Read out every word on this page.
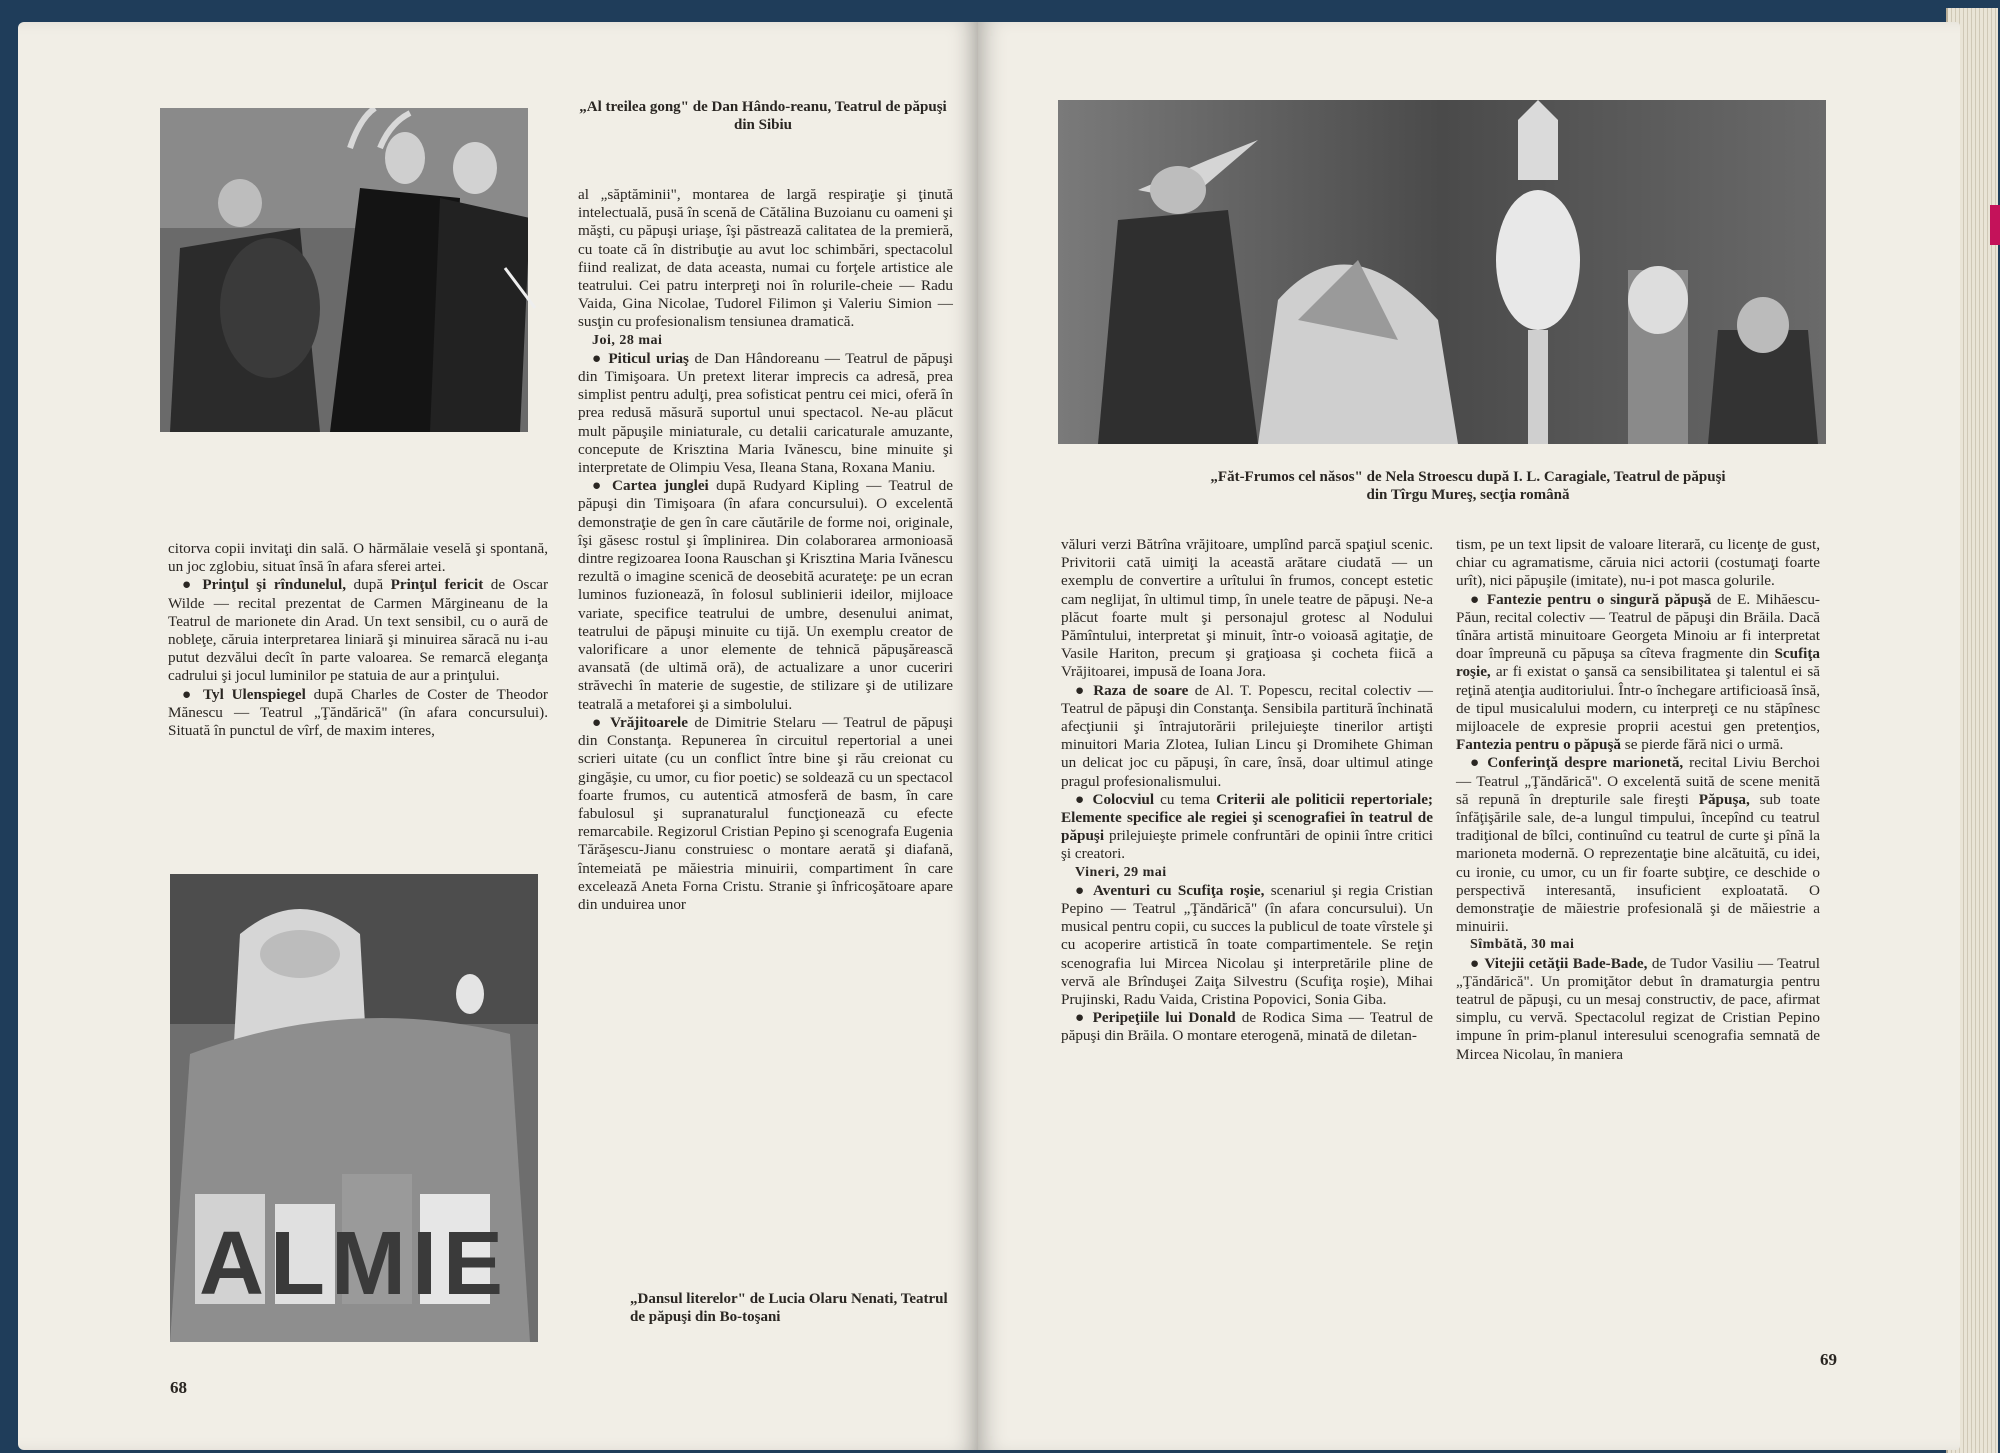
„Al treilea gong" de Dan Hândo-reanu, Teatrul de păpuşi din Sibiu

citorva copii invitaţi din sală. O hărmălaie veselă şi spontană, un joc zglobiu, situat însă în afara sferei artei.

● Prinţul şi rîndunelul, după Prinţul fericit de Oscar Wilde — recital prezentat de Carmen Mărgineanu de la Teatrul de marionete din Arad. Un text sensibil, cu o aură de nobleţe, căruia interpretarea liniară şi minuirea săracă nu i-au putut dezvălui decît în parte valoarea. Se remarcă eleganţa cadrului şi jocul luminilor pe statuia de aur a prinţului.

● Tyl Ulenspiegel după Charles de Coster de Theodor Mănescu — Teatrul „Ţăndărică" (în afara concursului). Situată în punctul de vîrf, de maxim interes,

ALMIE

al „săptăminii", montarea de largă respiraţie şi ţinută intelectuală, pusă în scenă de Cătălina Buzoianu cu oameni şi măşti, cu păpuşi uriaşe, îşi păstrează calitatea de la premieră, cu toate că în distribuţie au avut loc schimbări, spectacolul fiind realizat, de data aceasta, numai cu forţele artistice ale teatrului. Cei patru interpreţi noi în rolurile-cheie — Radu Vaida, Gina Nicolae, Tudorel Filimon şi Valeriu Simion — susţin cu profesionalism tensiunea dramatică.

Joi, 28 mai

● Piticul uriaş de Dan Hândoreanu — Teatrul de păpuşi din Timişoara. Un pretext literar imprecis ca adresă, prea simplist pentru adulţi, prea sofisticat pentru cei mici, oferă în prea redusă măsură suportul unui spectacol. Ne-au plăcut mult păpuşile miniaturale, cu detalii caricaturale amuzante, concepute de Krisztina Maria Ivănescu, bine minuite şi interpretate de Olimpiu Vesa, Ileana Stana, Roxana Maniu.

● Cartea junglei după Rudyard Kipling — Teatrul de păpuşi din Timişoara (în afara concursului). O excelentă demonstraţie de gen în care căutările de forme noi, originale, îşi găsesc rostul şi împlinirea. Din colaborarea armonioasă dintre regizoarea Ioona Rauschan şi Krisztina Maria Ivănescu rezultă o imagine scenică de deosebită acurateţe: pe un ecran luminos fuzionează, în folosul sublinierii ideilor, mijloace variate, specifice teatrului de umbre, desenului animat, teatrului de păpuşi minuite cu tijă. Un exemplu creator de valorificare a unor elemente de tehnică păpuşărească avansată (de ultimă oră), de actualizare a unor cuceriri străvechi în materie de sugestie, de stilizare şi de utilizare teatrală a metaforei şi a simbolului.

● Vrăjitoarele de Dimitrie Stelaru — Teatrul de păpuşi din Constanţa. Repunerea în circuitul repertorial a unei scrieri uitate (cu un conflict între bine şi rău creionat cu gingăşie, cu umor, cu fior poetic) se soldează cu un spectacol foarte frumos, cu autentică atmosferă de basm, în care fabulosul şi supranaturalul funcţionează cu efecte remarcabile. Regizorul Cristian Pepino şi scenografa Eugenia Tărăşescu-Jianu construiesc o montare aerată şi diafană, întemeiată pe măiestria minuirii, compartiment în care excelează Aneta Forna Cristu. Stranie şi înfricoşătoare apare din unduirea unor

„Dansul literelor" de Lucia Olaru Nenati, Teatrul de păpuşi din Bo-toşani
68
„Făt-Frumos cel năsos" de Nela Stroescu după I. L. Caragiale, Teatrul de păpuşi din Tîrgu Mureş, secţia română

văluri verzi Bătrîna vrăjitoare, umplînd parcă spaţiul scenic. Privitorii cată uimiţi la această arătare ciudată — un exemplu de convertire a urîtului în frumos, concept estetic cam neglijat, în ultimul timp, în unele teatre de păpuşi. Ne-a plăcut foarte mult şi personajul grotesc al Nodului Pămîntului, interpretat şi minuit, într-o voioasă agitaţie, de Vasile Hariton, precum şi graţioasa şi cocheta fiică a Vrăjitoarei, impusă de Ioana Jora.

● Raza de soare de Al. T. Popescu, recital colectiv — Teatrul de păpuşi din Constanţa. Sensibila partitură închinată afecţiunii şi întrajutorării prilejuieşte tinerilor artişti minuitori Maria Zlotea, Iulian Lincu şi Dromihete Ghiman un delicat joc cu păpuşi, în care, însă, doar ultimul atinge pragul profesionalismului.

● Colocviul cu tema Criterii ale politicii repertoriale; Elemente specifice ale regiei şi scenografiei în teatrul de păpuşi prilejuieşte primele confruntări de opinii între critici şi creatori.

Vineri, 29 mai

● Aventuri cu Scufiţa roşie, scenariul şi regia Cristian Pepino — Teatrul „Ţăndărică" (în afara concursului). Un musical pentru copii, cu succes la publicul de toate vîrstele şi cu acoperire artistică în toate compartimentele. Se reţin scenografia lui Mircea Nicolau şi interpretările pline de vervă ale Brînduşei Zaiţa Silvestru (Scufiţa roşie), Mihai Prujinski, Radu Vaida, Cristina Popovici, Sonia Giba.

● Peripeţiile lui Donald de Rodica Sima — Teatrul de păpuşi din Brăila. O montare eterogenă, minată de diletan-

tism, pe un text lipsit de valoare literară, cu licenţe de gust, chiar cu agramatisme, căruia nici actorii (costumaţi foarte urît), nici păpuşile (imitate), nu-i pot masca golurile.

● Fantezie pentru o singură păpuşă de E. Mihăescu-Păun, recital colectiv — Teatrul de păpuşi din Brăila. Dacă tînăra artistă minuitoare Georgeta Minoiu ar fi interpretat doar împreună cu păpuşa sa cîteva fragmente din Scufiţa roşie, ar fi existat o şansă ca sensibilitatea şi talentul ei să reţină atenţia auditoriului. Într-o închegare artificioasă însă, de tipul musicalului modern, cu interpreţi ce nu stăpînesc mijloacele de expresie proprii acestui gen pretenţios, Fantezia pentru o păpuşă se pierde fără nici o urmă.

● Conferinţă despre marionetă, recital Liviu Berchoi — Teatrul „Ţăndărică". O excelentă suită de scene menită să repună în drepturile sale fireşti Păpuşa, sub toate înfăţişările sale, de-a lungul timpului, începînd cu teatrul tradiţional de bîlci, continuînd cu teatrul de curte şi pînă la marioneta modernă. O reprezentaţie bine alcătuită, cu idei, cu ironie, cu umor, cu un fir foarte subţire, ce deschide o perspectivă interesantă, insuficient exploatată. O demonstraţie de măiestrie profesională şi de măiestrie a minuirii.

Sîmbătă, 30 mai

● Vitejii cetăţii Bade-Bade, de Tudor Vasiliu — Teatrul „Ţăndărică". Un promiţător debut în dramaturgia pentru teatrul de păpuşi, cu un mesaj constructiv, de pace, afirmat simplu, cu vervă. Spectacolul regizat de Cristian Pepino impune în prim-planul interesului scenografia semnată de Mircea Nicolau, în maniera

69
